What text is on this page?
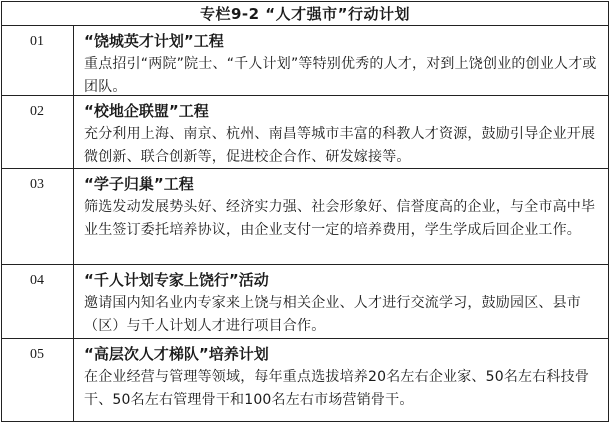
专栏9-2 “人才强市”行动计划
01	“饶城英才计划”工程
重点招引“两院”院士、“千人计划”等特别优秀的人才，对到上饶创业的创业人才或团队。
02	“校地企联盟”工程
充分利用上海、南京、杭州、南昌等城市丰富的科教人才资源，鼓励引导企业开展微创新、联合创新等，促进校企合作、研发嫁接等。
03	“学子归巢”工程
筛选发动发展势头好、经济实力强、社会形象好、信誉度高的企业，与全市高中毕业生签订委托培养协议，由企业支付一定的培养费用，学生学成后回企业工作。
04	“千人计划专家上饶行”活动
邀请国内知名业内专家来上饶与相关企业、人才进行交流学习，鼓励园区、县市（区）与千人计划人才进行项目合作。
05	“高层次人才梯队”培养计划
在企业经营与管理等领域，每年重点选拔培养20名左右企业家、50名左右科技骨干、50名左右管理骨干和100名左右市场营销骨干。
